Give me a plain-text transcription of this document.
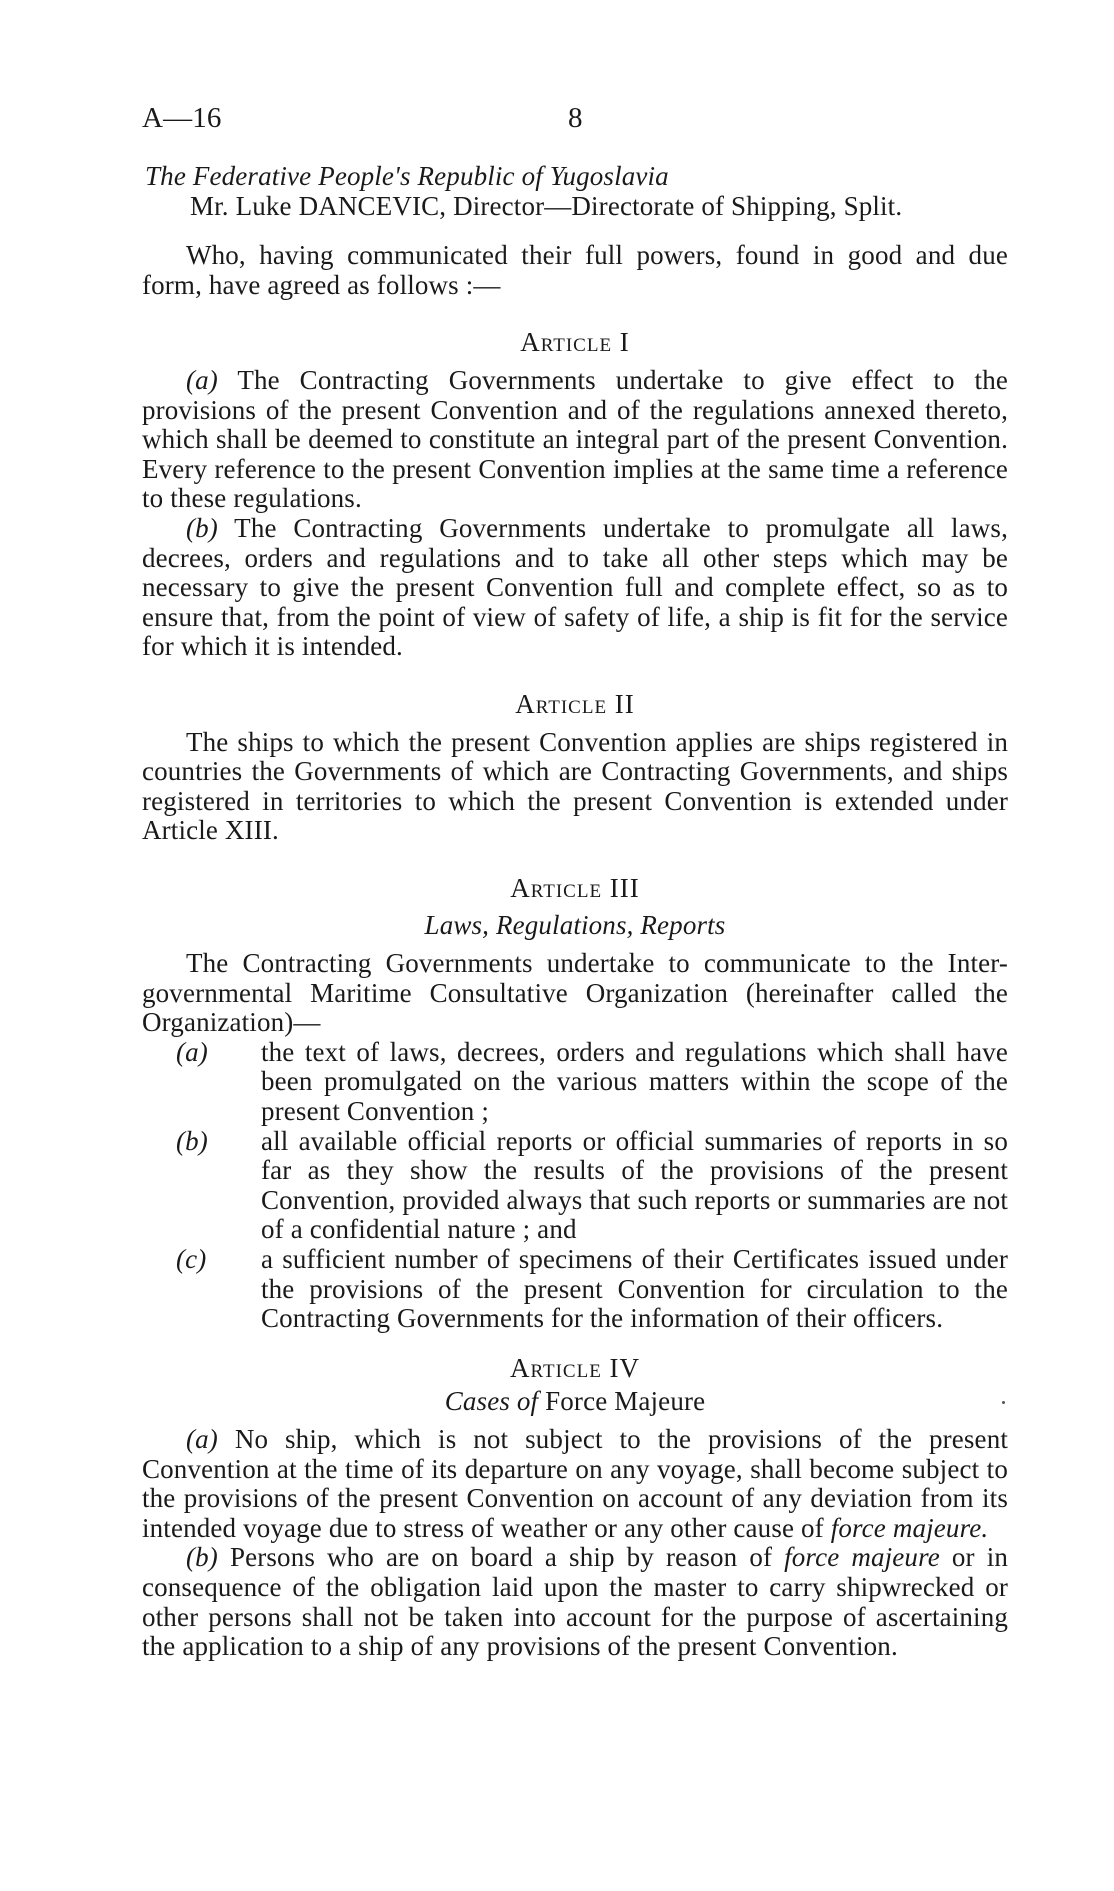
A—16	8

The Federative People's Republic of Yugoslavia

Mr. Luke DANCEVIC, Director—Directorate of Shipping, Split.

Who, having communicated their full powers, found in good and due form, have agreed as follows :—

Article I

(a) The Contracting Governments undertake to give effect to the provisions of the present Convention and of the regulations annexed thereto, which shall be deemed to constitute an integral part of the present Convention. Every reference to the present Convention implies at the same time a reference to these regulations.

(b) The Contracting Governments undertake to promulgate all laws, decrees, orders and regulations and to take all other steps which may be necessary to give the present Convention full and complete effect, so as to ensure that, from the point of view of safety of life, a ship is fit for the service for which it is intended.

Article II

The ships to which the present Convention applies are ships registered in countries the Governments of which are Contracting Governments, and ships registered in territories to which the present Convention is extended under Article XIII.

Article III
Laws, Regulations, Reports

The Contracting Governments undertake to communicate to the Inter-governmental Maritime Consultative Organization (hereinafter called the Organization)—

(a) the text of laws, decrees, orders and regulations which shall have been promulgated on the various matters within the scope of the present Convention ;
(b) all available official reports or official summaries of reports in so far as they show the results of the provisions of the present Convention, provided always that such reports or summaries are not of a confidential nature ; and
(c) a sufficient number of specimens of their Certificates issued under the provisions of the present Convention for circulation to the Contracting Governments for the information of their officers.
Article IV
Cases of Force Majeure

(a) No ship, which is not subject to the provisions of the present Convention at the time of its departure on any voyage, shall become subject to the provisions of the present Convention on account of any deviation from its intended voyage due to stress of weather or any other cause of force majeure.

(b) Persons who are on board a ship by reason of force majeure or in consequence of the obligation laid upon the master to carry shipwrecked or other persons shall not be taken into account for the purpose of ascertaining the application to a ship of any provisions of the present Convention.
